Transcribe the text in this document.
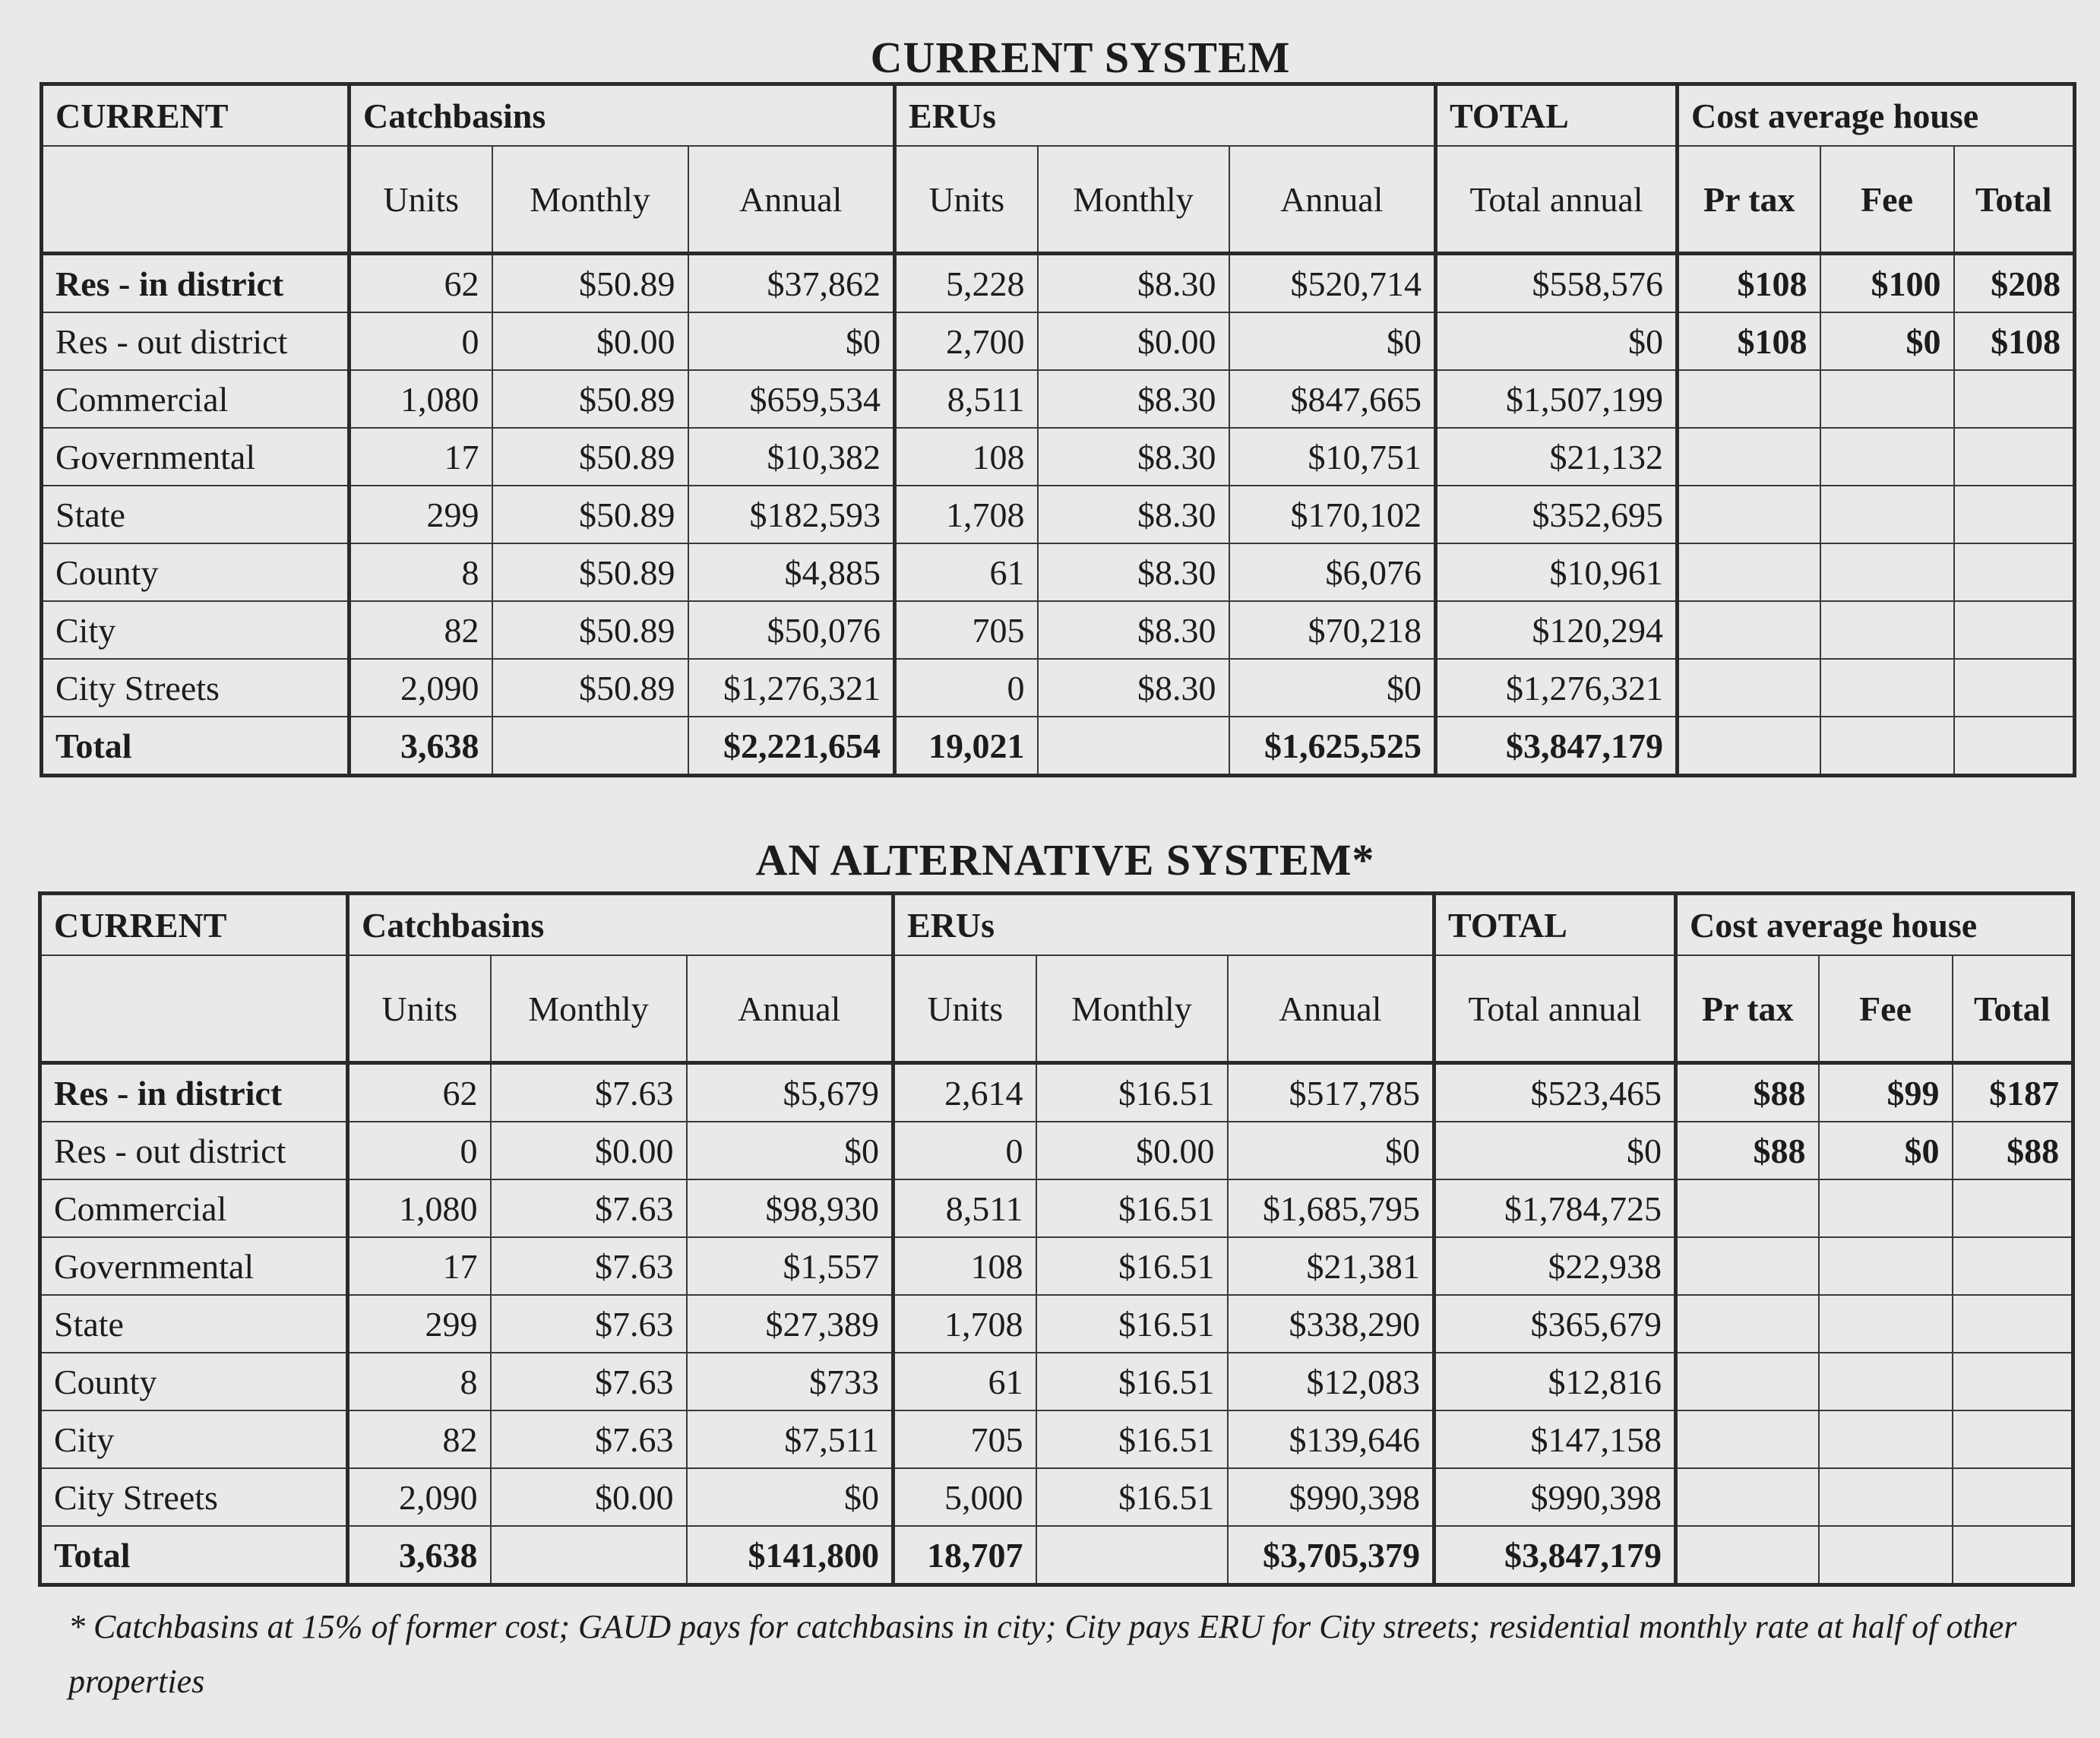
CURRENT SYSTEM
CURRENT	Catchbasins			ERUs			TOTAL	Cost average house		
	Units	Monthly	Annual	Units	Monthly	Annual	Total annual	Pr tax	Fee	Total
Res - in district	62	$50.89	$37,862	5,228	$8.30	$520,714	$558,576	$108	$100	$208
Res - out district	0	$0.00	$0	2,700	$0.00	$0	$0	$108	$0	$108
Commercial	1,080	$50.89	$659,534	8,511	$8.30	$847,665	$1,507,199			
Governmental	17	$50.89	$10,382	108	$8.30	$10,751	$21,132			
State	299	$50.89	$182,593	1,708	$8.30	$170,102	$352,695			
County	8	$50.89	$4,885	61	$8.30	$6,076	$10,961			
City	82	$50.89	$50,076	705	$8.30	$70,218	$120,294			
City Streets	2,090	$50.89	$1,276,321	0	$8.30	$0	$1,276,321			
Total	3,638		$2,221,654	19,021		$1,625,525	$3,847,179			
AN ALTERNATIVE SYSTEM*
CURRENT	Catchbasins			ERUs			TOTAL	Cost average house		
	Units	Monthly	Annual	Units	Monthly	Annual	Total annual	Pr tax	Fee	Total
Res - in district	62	$7.63	$5,679	2,614	$16.51	$517,785	$523,465	$88	$99	$187
Res - out district	0	$0.00	$0	0	$0.00	$0	$0	$88	$0	$88
Commercial	1,080	$7.63	$98,930	8,511	$16.51	$1,685,795	$1,784,725			
Governmental	17	$7.63	$1,557	108	$16.51	$21,381	$22,938			
State	299	$7.63	$27,389	1,708	$16.51	$338,290	$365,679			
County	8	$7.63	$733	61	$16.51	$12,083	$12,816			
City	82	$7.63	$7,511	705	$16.51	$139,646	$147,158			
City Streets	2,090	$0.00	$0	5,000	$16.51	$990,398	$990,398			
Total	3,638		$141,800	18,707		$3,705,379	$3,847,179			
* Catchbasins at 15% of former cost; GAUD pays for catchbasins in city; City pays ERU for City streets; residential monthly rate at half of other properties
